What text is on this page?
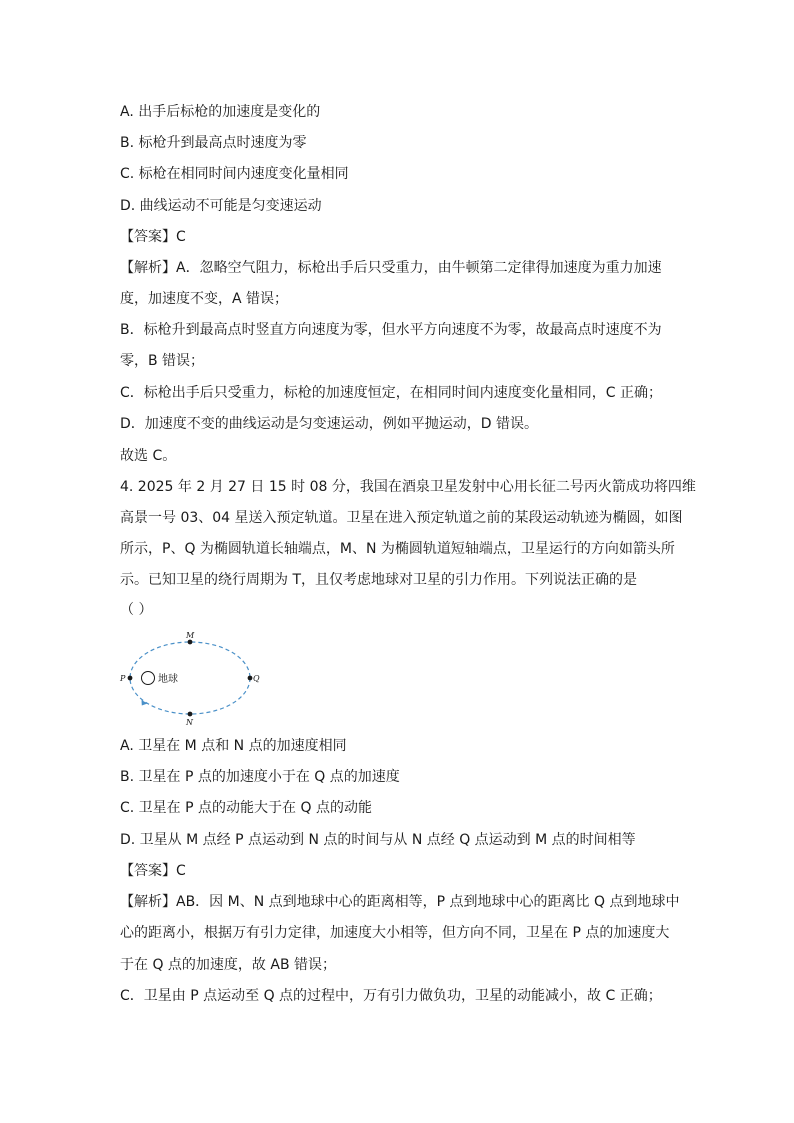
A. 出手后标枪的加速度是变化的
B. 标枪升到最高点时速度为零
C. 标枪在相同时间内速度变化量相同
D. 曲线运动不可能是匀变速运动
【答案】C
【解析】A．忽略空气阻力，标枪出手后只受重力，由牛顿第二定律得加速度为重力加速
度，加速度不变，A 错误；
B．标枪升到最高点时竖直方向速度为零，但水平方向速度不为零，故最高点时速度不为
零，B 错误；
C．标枪出手后只受重力，标枪的加速度恒定，在相同时间内速度变化量相同，C 正确；
D．加速度不变的曲线运动是匀变速运动，例如平抛运动，D 错误。
故选 C。
4. 2025 年 2 月 27 日 15 时 08 分，我国在酒泉卫星发射中心用长征二号丙火箭成功将四维
高景一号 03、04 星送入预定轨道。卫星在进入预定轨道之前的某段运动轨迹为椭圆，如图
所示，P、Q 为椭圆轨道长轴端点，M、N 为椭圆轨道短轴端点，卫星运行的方向如箭头所
示。已知卫星的绕行周期为 T，且仅考虑地球对卫星的引力作用。下列说法正确的是
（ ）
地球
M
N
P	Q
A. 卫星在 M 点和 N 点的加速度相同
B. 卫星在 P 点的加速度小于在 Q 点的加速度
C. 卫星在 P 点的动能大于在 Q 点的动能
D. 卫星从 M 点经 P 点运动到 N 点的时间与从 N 点经 Q 点运动到 M 点的时间相等
【答案】C
【解析】AB．因 M、N 点到地球中心的距离相等，P 点到地球中心的距离比 Q 点到地球中
心的距离小，根据万有引力定律，加速度大小相等，但方向不同，卫星在 P 点的加速度大
于在 Q 点的加速度，故 AB 错误；
C．卫星由 P 点运动至 Q 点的过程中，万有引力做负功，卫星的动能减小，故 C 正确；
